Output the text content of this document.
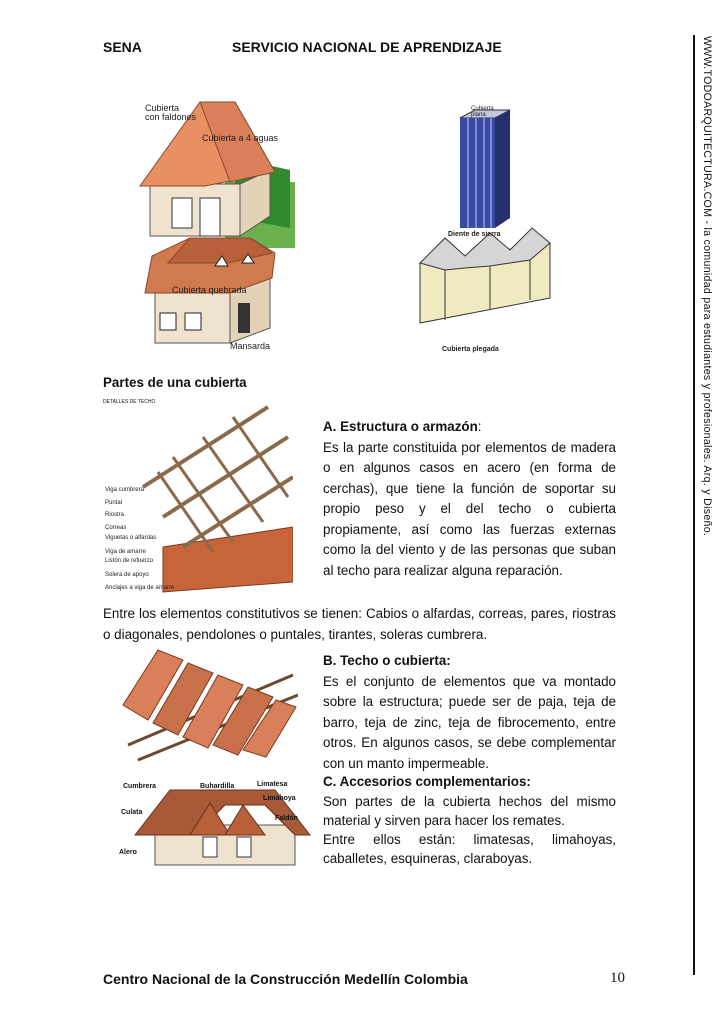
SENA	SERVICIO NACIONAL DE APRENDIZAJE	WWW.TODOARQUITECTURA.COM - la comunidad para estudiantes y profesionales. Arq. y Diseño.
Cubierta
con faldones
Cubierta a 4 aguas
Cubierta
plana
Diente de sierra
Cubierta quebrada
Mansarda	Cubierta plegada
Partes de una cubierta
DETALLES DE TECHO
Viga cumbrera
Puntal
Riostra
Correas
Viguetas o alfardas
Viga de amarre
Listón de refuerzo
Solera de apoyo
Anclajes a viga de amarre
A. Estructura o armazón:
Es la parte constituida por elementos de madera o en algunos casos en acero (en forma de cerchas), que tiene la función de soportar su propio peso y el del techo o cubierta propiamente, así como las fuerzas externas como la del viento y de las personas que suban al techo para realizar alguna reparación.
Entre los elementos constitutivos se tienen: Cabios o alfardas, correas, pares, riostras o diagonales, pendolones o puntales, tirantes, soleras cumbrera.
B. Techo o cubierta:
Es el conjunto de elementos que va montado sobre la estructura; puede ser de paja, teja de barro, teja de zinc, teja de fibrocemento, entre otros. En algunos casos, se debe complementar con un manto impermeable.
Cumbrera	Buhardilla	Limatesa
Limahoya
Culata
Faldón
Alero
C. Accesorios complementarios:
Son partes de la cubierta hechos del mismo material y sirven para hacer los remates.
Entre ellos están: limatesas, limahoyas, caballetes, esquineras, claraboyas.
Centro Nacional de la Construcción Medellín Colombia	10
